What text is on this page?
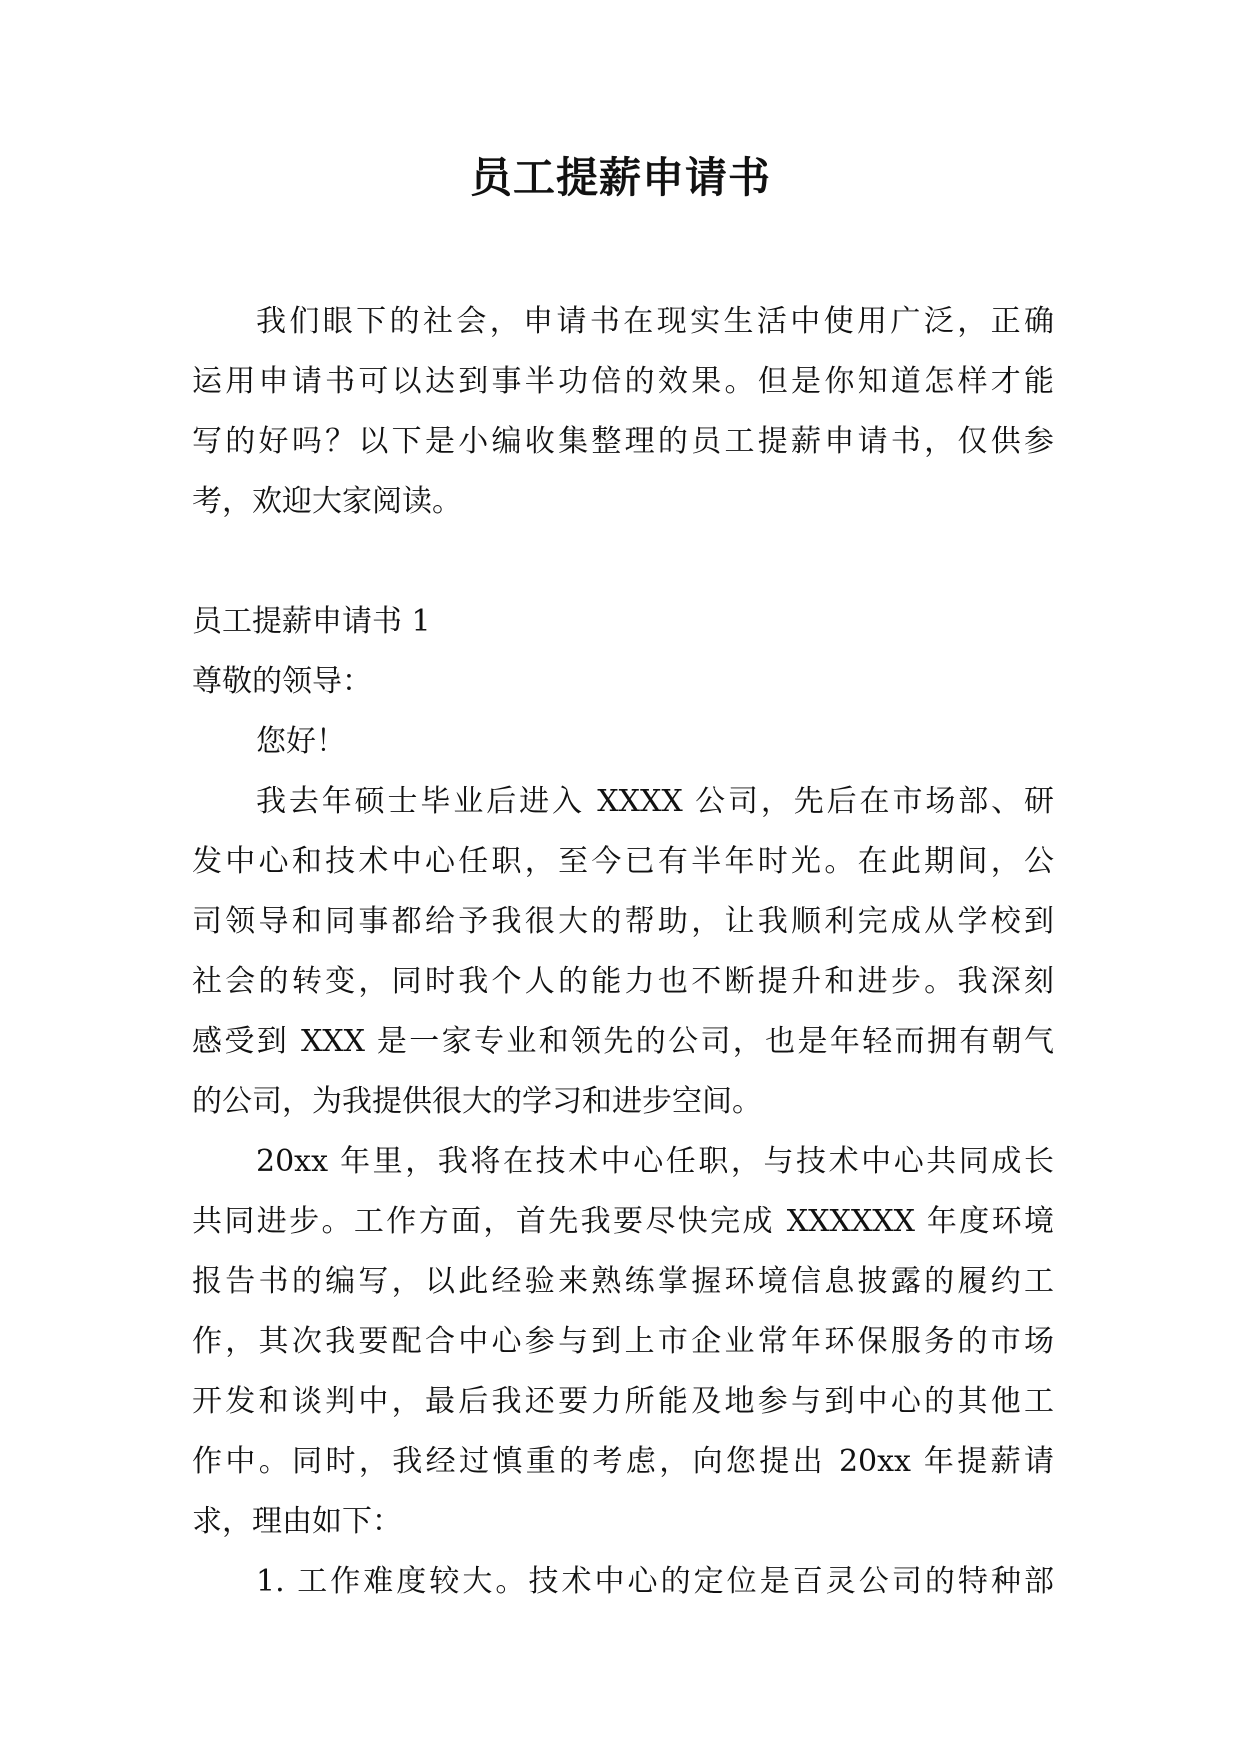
员工提薪申请书
我们眼下的社会，申请书在现实生活中使用广泛，正确
运用申请书可以达到事半功倍的效果。但是你知道怎样才能
写的好吗？以下是小编收集整理的员工提薪申请书，仅供参
考，欢迎大家阅读。
员工提薪申请书 1
尊敬的领导：
您好！
我去年硕士毕业后进入 XXXX 公司，先后在市场部、研
发中心和技术中心任职，至今已有半年时光。在此期间，公
司领导和同事都给予我很大的帮助，让我顺利完成从学校到
社会的转变，同时我个人的能力也不断提升和进步。我深刻
感受到 XXX 是一家专业和领先的公司，也是年轻而拥有朝气
的公司，为我提供很大的学习和进步空间。
20xx 年里，我将在技术中心任职，与技术中心共同成长
共同进步。工作方面，首先我要尽快完成 XXXXXX 年度环境
报告书的编写，以此经验来熟练掌握环境信息披露的履约工
作，其次我要配合中心参与到上市企业常年环保服务的市场
开发和谈判中，最后我还要力所能及地参与到中心的其他工
作中。同时，我经过慎重的考虑，向您提出 20xx 年提薪请
求，理由如下：
1. 工作难度较大。技术中心的定位是百灵公司的特种部
